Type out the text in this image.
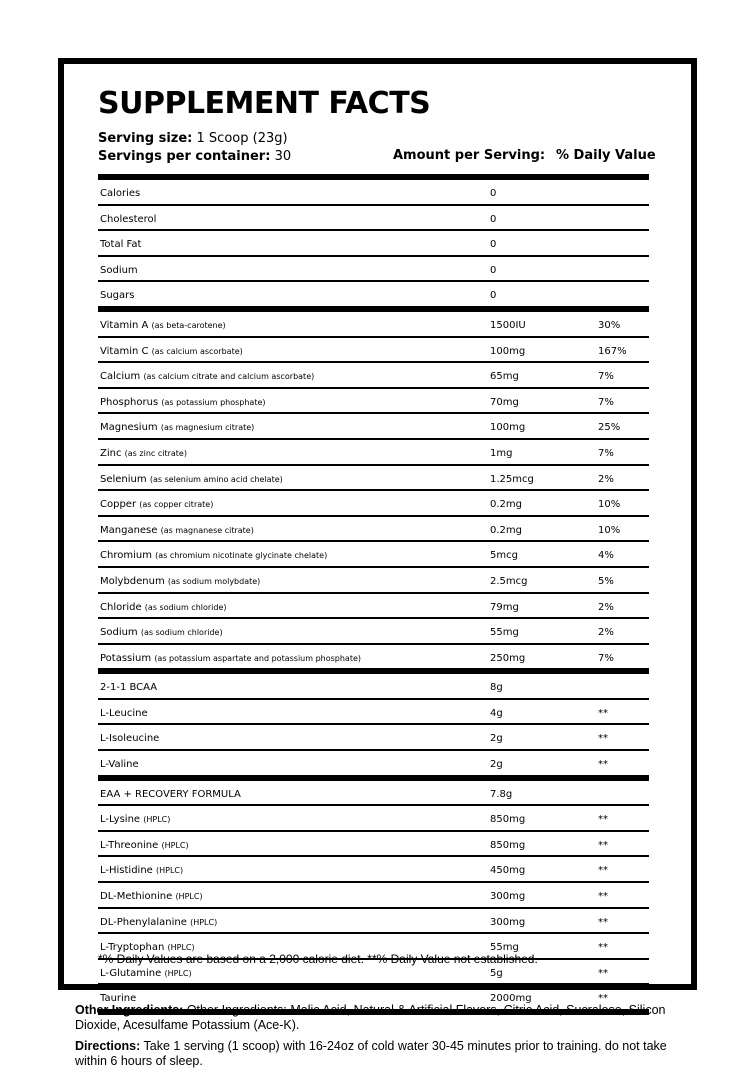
SUPPLEMENT FACTS
Serving size: 1 Scoop (23g)
Servings per container: 30	Amount per Serving: % Daily Value
Calories	0
Cholesterol	0
Total Fat	0
Sodium	0
Sugars	0
Vitamin A (as beta-carotene)	1500IU	30%
Vitamin C (as calcium ascorbate)	100mg	167%
Calcium (as calcium citrate and calcium ascorbate)	65mg	7%
Phosphorus (as potassium phosphate)	70mg	7%
Magnesium (as magnesium citrate)	100mg	25%
Zinc (as zinc citrate)	1mg	7%
Selenium (as selenium amino acid chelate)	1.25mcg	2%
Copper (as copper citrate)	0.2mg	10%
Manganese (as magnanese citrate)	0.2mg	10%
Chromium (as chromium nicotinate glycinate chelate)	5mcg	4%
Molybdenum (as sodium molybdate)	2.5mcg	5%
Chloride (as sodium chloride)	79mg	2%
Sodium (as sodium chloride)	55mg	2%
Potassium (as potassium aspartate and potassium phosphate)	250mg	7%
2-1-1 BCAA	8g
L-Leucine	4g	**
L-Isoleucine	2g	**
L-Valine	2g	**
EAA + RECOVERY FORMULA	7.8g
L-Lysine (HPLC)	850mg	**
L-Threonine (HPLC)	850mg	**
L-Histidine (HPLC)	450mg	**
DL-Methionine (HPLC)	300mg	**
DL-Phenylalanine (HPLC)	300mg	**
L-Tryptophan (HPLC)	55mg	**
L-Glutamine (HPLC)	5g	**
Taurine	2000mg	**
*% Daily Values are based on a 2,000 calorie diet. **% Daily Value not established.
Other Ingredients: Other Ingredients: Malic Acid, Natural & Artificial Flavors, Citric Acid, Sucralose, Silicon Dioxide, Acesulfame Potassium (Ace-K).
Directions: Take 1 serving (1 scoop) with 16-24oz of cold water 30-45 minutes prior to training. do not take within 6 hours of sleep.
